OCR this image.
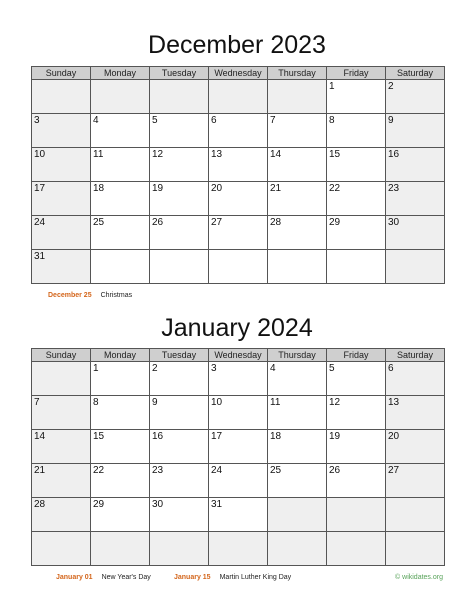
December 2023
Sunday	Monday	Tuesday	Wednesday	Thursday	Friday	Saturday
					1	2
3	4	5	6	7	8	9
10	11	12	13	14	15	16
17	18	19	20	21	22	23
24	25	26	27	28	29	30
31						
December 25 Christmas
January 2024
Sunday	Monday	Tuesday	Wednesday	Thursday	Friday	Saturday
	1	2	3	4	5	6
7	8	9	10	11	12	13
14	15	16	17	18	19	20
21	22	23	24	25	26	27
28	29	30	31			

January 01 New Year's Day	January 15 Martin Luther King Day	© wikidates.org
